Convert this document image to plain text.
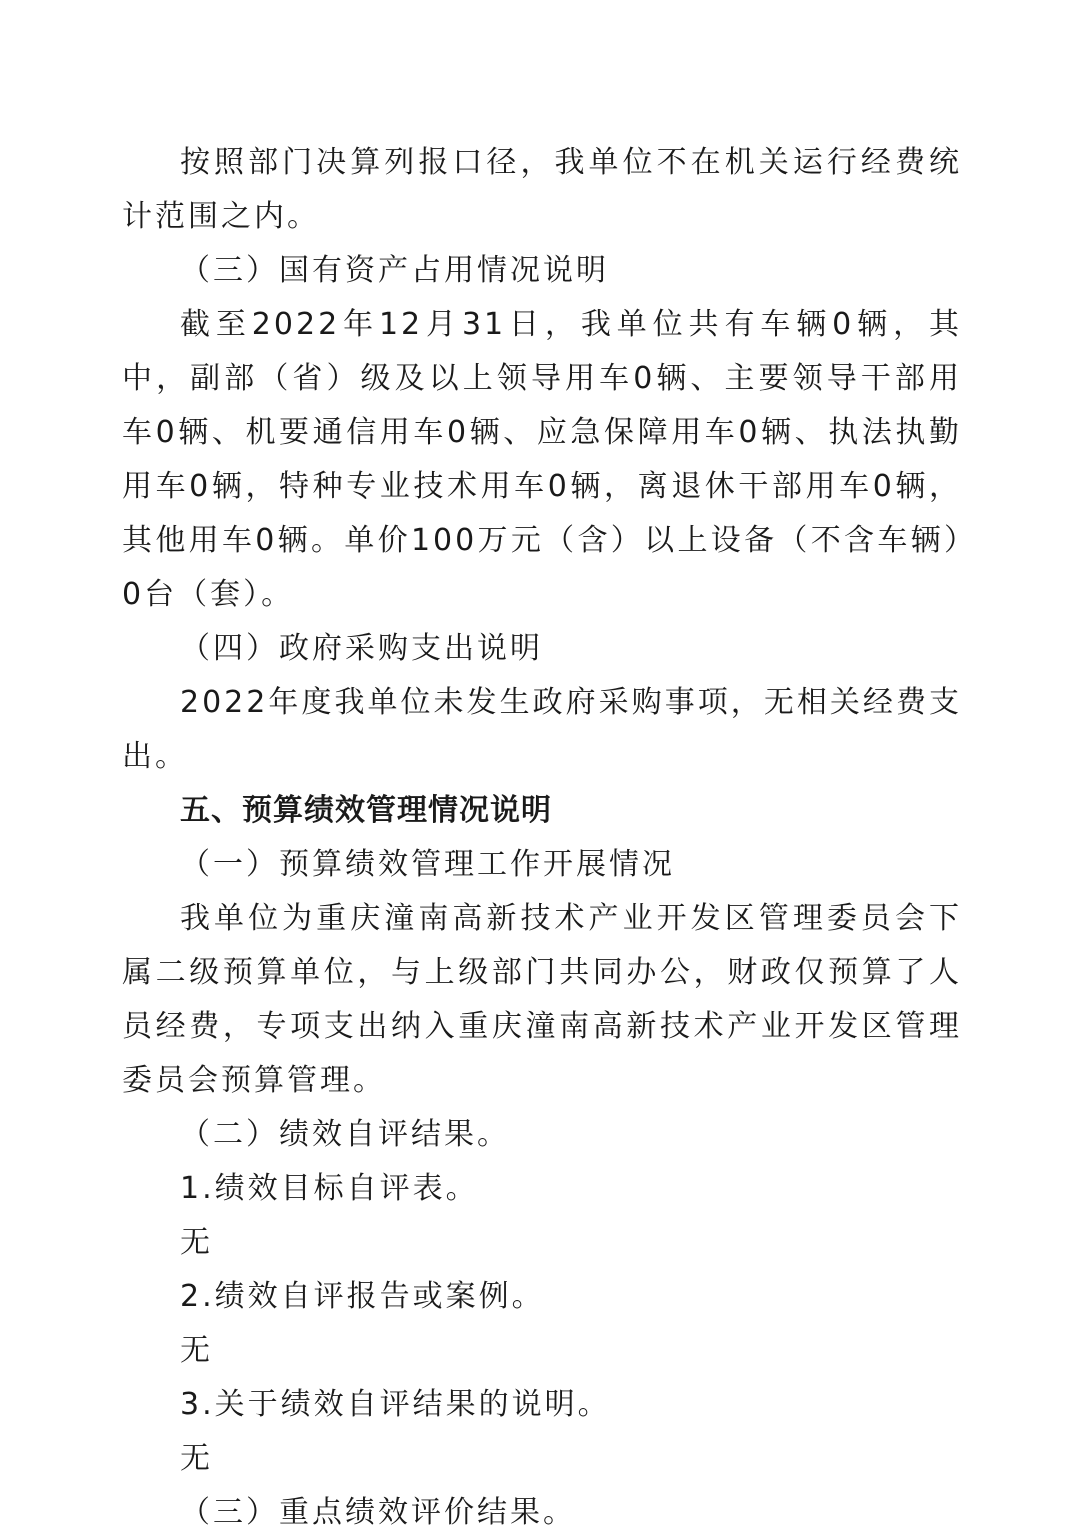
按照部门决算列报口径，我单位不在机关运行经费统计范围之内。

（三）国有资产占用情况说明

截至2022年12月31日，我单位共有车辆0辆，其中，副部（省）级及以上领导用车0辆、主要领导干部用车0辆、机要通信用车0辆、应急保障用车0辆、执法执勤用车0辆，特种专业技术用车0辆，离退休干部用车0辆，其他用车0辆。单价100万元（含）以上设备（不含车辆）0台（套）。

（四）政府采购支出说明

2022年度我单位未发生政府采购事项，无相关经费支出。

五、预算绩效管理情况说明

（一）预算绩效管理工作开展情况

我单位为重庆潼南高新技术产业开发区管理委员会下属二级预算单位，与上级部门共同办公，财政仅预算了人员经费，专项支出纳入重庆潼南高新技术产业开发区管理委员会预算管理。

（二）绩效自评结果。

1.绩效目标自评表。

无

2.绩效自评报告或案例。

无

3.关于绩效自评结果的说明。

无

（三）重点绩效评价结果。
